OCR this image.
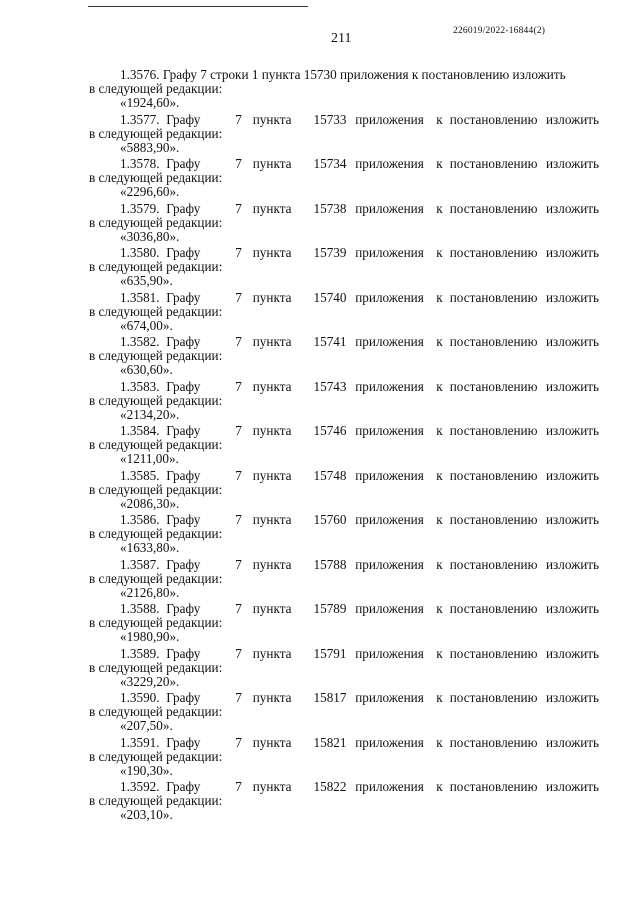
226019/2022-16844(2)
211
1.3576. Графу 7 строки 1 пункта 15730 приложения к постановлению изложить
в следующей редакции:
«1924,60».
1.3577. Графу	7 пункта	15733 приложения к постановлению изложить
в следующей редакции:
«5883,90».
1.3578. Графу	7 пункта	15734 приложения к постановлению изложить
в следующей редакции:
«2296,60».
1.3579. Графу	7 пункта	15738 приложения к постановлению изложить
в следующей редакции:
«3036,80».
1.3580. Графу	7 пункта	15739 приложения к постановлению изложить
в следующей редакции:
«635,90».
1.3581. Графу	7 пункта	15740 приложения к постановлению изложить
в следующей редакции:
«674,00».
1.3582. Графу	7 пункта	15741 приложения к постановлению изложить
в следующей редакции:
«630,60».
1.3583. Графу	7 пункта	15743 приложения к постановлению изложить
в следующей редакции:
«2134,20».
1.3584. Графу	7 пункта	15746 приложения к постановлению изложить
в следующей редакции:
«1211,00».
1.3585. Графу	7 пункта	15748 приложения к постановлению изложить
в следующей редакции:
«2086,30».
1.3586. Графу	7 пункта	15760 приложения к постановлению изложить
в следующей редакции:
«1633,80».
1.3587. Графу	7 пункта	15788 приложения к постановлению изложить
в следующей редакции:
«2126,80».
1.3588. Графу	7 пункта	15789 приложения к постановлению изложить
в следующей редакции:
«1980,90».
1.3589. Графу	7 пункта	15791 приложения к постановлению изложить
в следующей редакции:
«3229,20».
1.3590. Графу	7 пункта	15817 приложения к постановлению изложить
в следующей редакции:
«207,50».
1.3591. Графу	7 пункта	15821 приложения к постановлению изложить
в следующей редакции:
«190,30».
1.3592. Графу	7 пункта	15822 приложения к постановлению изложить
в следующей редакции:
«203,10».
